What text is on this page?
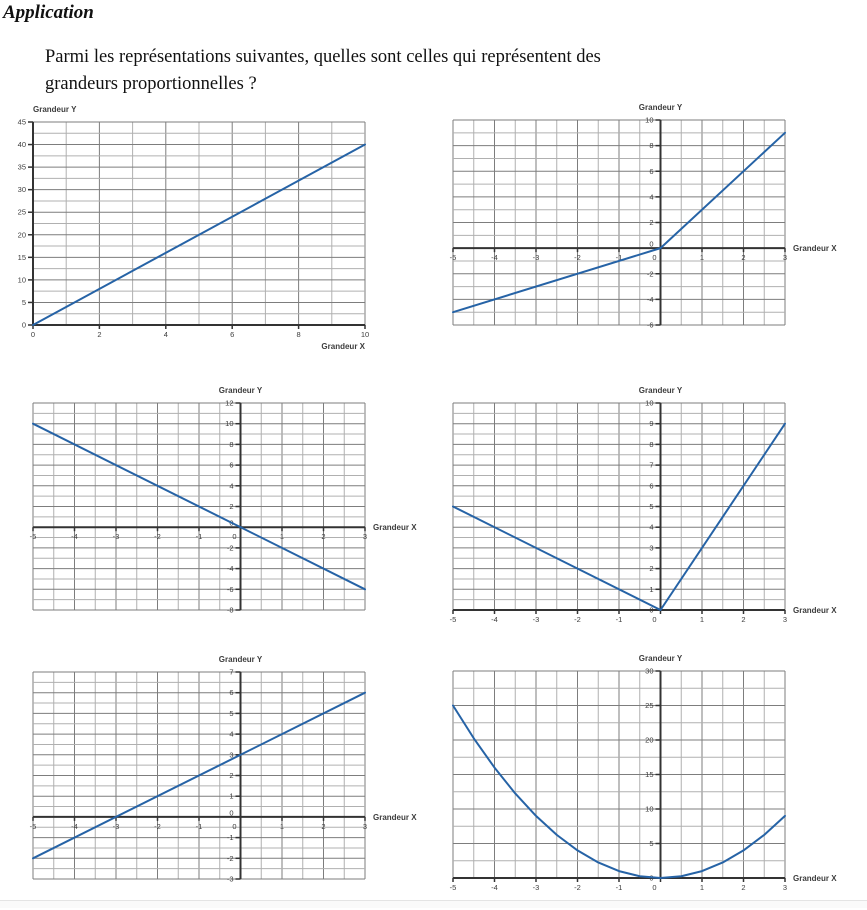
Application

Parmi les représentations suivantes, quelles sont celles qui représentent des
grandeurs proportionnelles ?

0	2	4	6	8	10
0
5
10
15
20
25
30
35
40
45
Grandeur Y
Grandeur X
-5	-4	-3	-2	-1	0	1	2	3
-6
-4
-2
0
2
4
6
8
10
Grandeur Y
Grandeur X
-5	-4	-3	-2	-1	0	1	2	3
-8
-6
-4
-2
0
2
4
6
8
10
12
Grandeur Y
Grandeur X
-5	-4	-3	-2	-1	0	1	2	3
0
1
2
3
4
5
6
7
8
9
10
Grandeur Y
Grandeur X
-5	-4	-3	-2	-1	0	1	2	3
-3
-2
-1
0
1
2
3
4
5
6
7
Grandeur Y
Grandeur X
-5	-4	-3	-2	-1	0	1	2	3
0
5
10
15
20
25
30
Grandeur Y
Grandeur X
